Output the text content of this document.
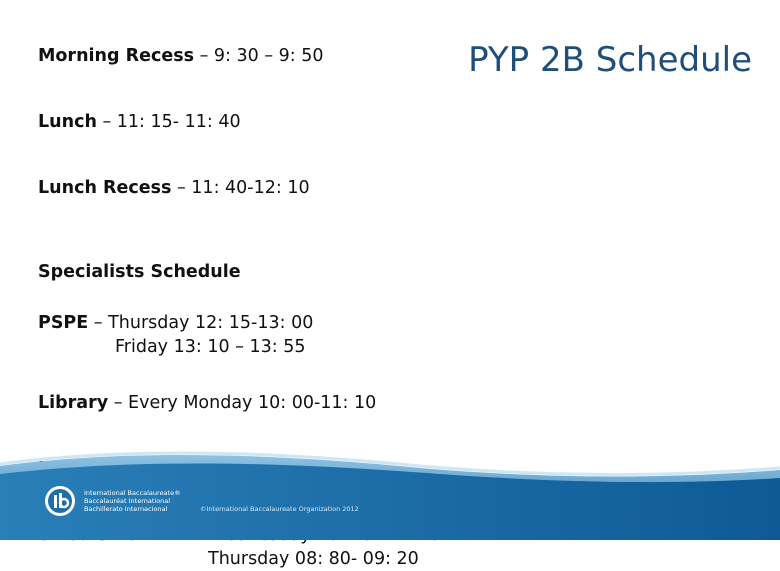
PYP 2B Schedule
Morning Recess – 9: 30 – 9: 50
Lunch – 11: 15- 11: 40
Lunch Recess – 11: 40-12: 10
Specialists Schedule
PSPE – Thursday 12: 15-13: 00
Friday 13: 10 – 13: 55
Library – Every Monday 10: 00-11: 10
Thursday 08: 80- 09: 20
International Baccalaureate®
Baccalauréat International
Bachillerato Internacional	©International Baccalaureate Organization 2012
